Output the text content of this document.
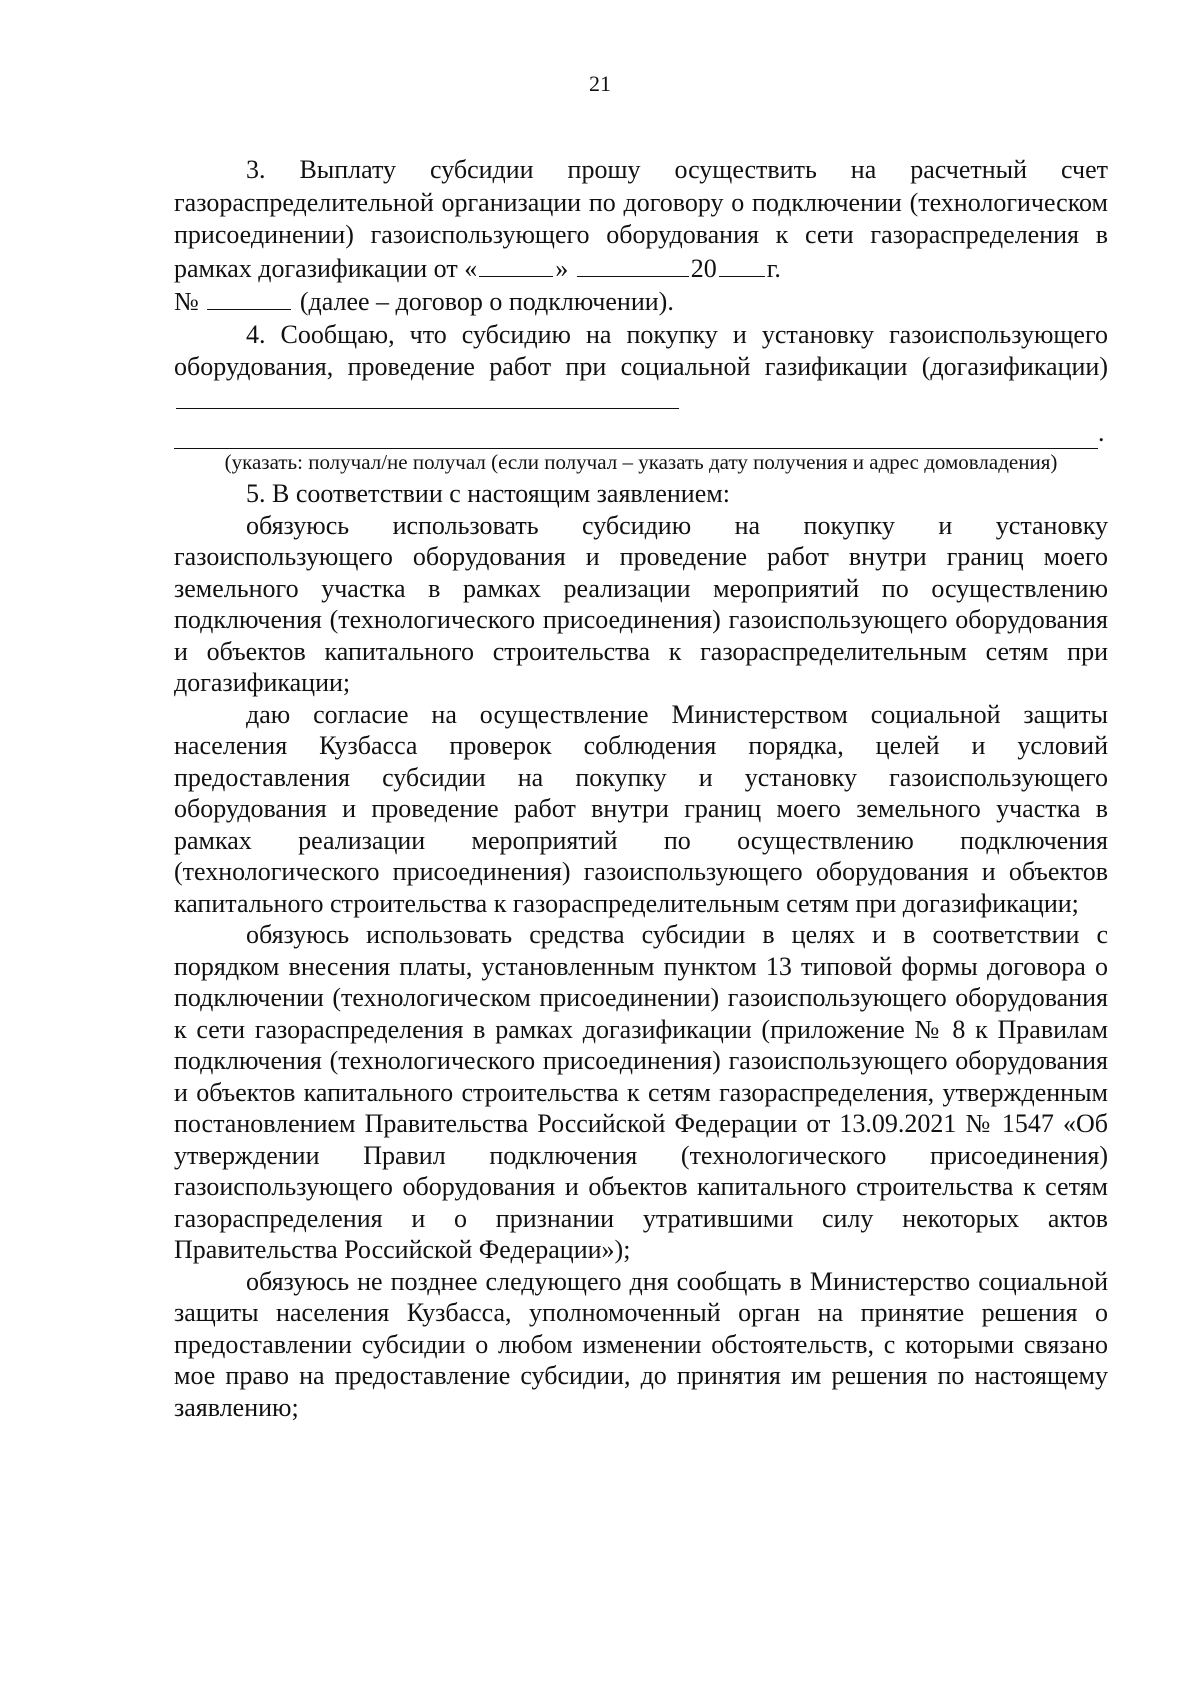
21

3. Выплату субсидии прошу осуществить на расчетный счет газораспределительной организации по договору о подключении (технологическом присоединении) газоиспользующего оборудования к сети газораспределения в рамках догазификации от «	»	20 г.
№	(далее – договор о подключении).

4. Сообщаю, что субсидию на покупку и установку газоиспользующего оборудования, проведение работ при социальной газификации (догазификации)

.

(указать: получал/не получал (если получал – указать дату получения и адрес домовладения)

5. В соответствии с настоящим заявлением:

обязуюсь использовать субсидию на покупку и установку газоиспользующего оборудования и проведение работ внутри границ моего земельного участка в рамках реализации мероприятий по осуществлению подключения (технологического присоединения) газоиспользующего оборудования и объектов капитального строительства к газораспределительным сетям при догазификации;

даю согласие на осуществление Министерством социальной защиты населения Кузбасса проверок соблюдения порядка, целей и условий предоставления субсидии на покупку и установку газоиспользующего оборудования и проведение работ внутри границ моего земельного участка в рамках реализации мероприятий по осуществлению подключения (технологического присоединения) газоиспользующего оборудования и объектов капитального строительства к газораспределительным сетям при догазификации;

обязуюсь использовать средства субсидии в целях и в соответствии с порядком внесения платы, установленным пунктом 13 типовой формы договора о подключении (технологическом присоединении) газоиспользующего оборудования к сети газораспределения в рамках догазификации (приложение № 8 к Правилам подключения (технологического присоединения) газоиспользующего оборудования и объектов капитального строительства к сетям газораспределения, утвержденным постановлением Правительства Российской Федерации от 13.09.2021 № 1547 «Об утверждении Правил подключения (технологического присоединения) газоиспользующего оборудования и объектов капитального строительства к сетям газораспределения и о признании утратившими силу некоторых актов Правительства Российской Федерации»);

обязуюсь не позднее следующего дня сообщать в Министерство социальной защиты населения Кузбасса, уполномоченный орган на принятие решения о предоставлении субсидии о любом изменении обстоятельств, с которыми связано мое право на предоставление субсидии, до принятия им решения по настоящему заявлению;
